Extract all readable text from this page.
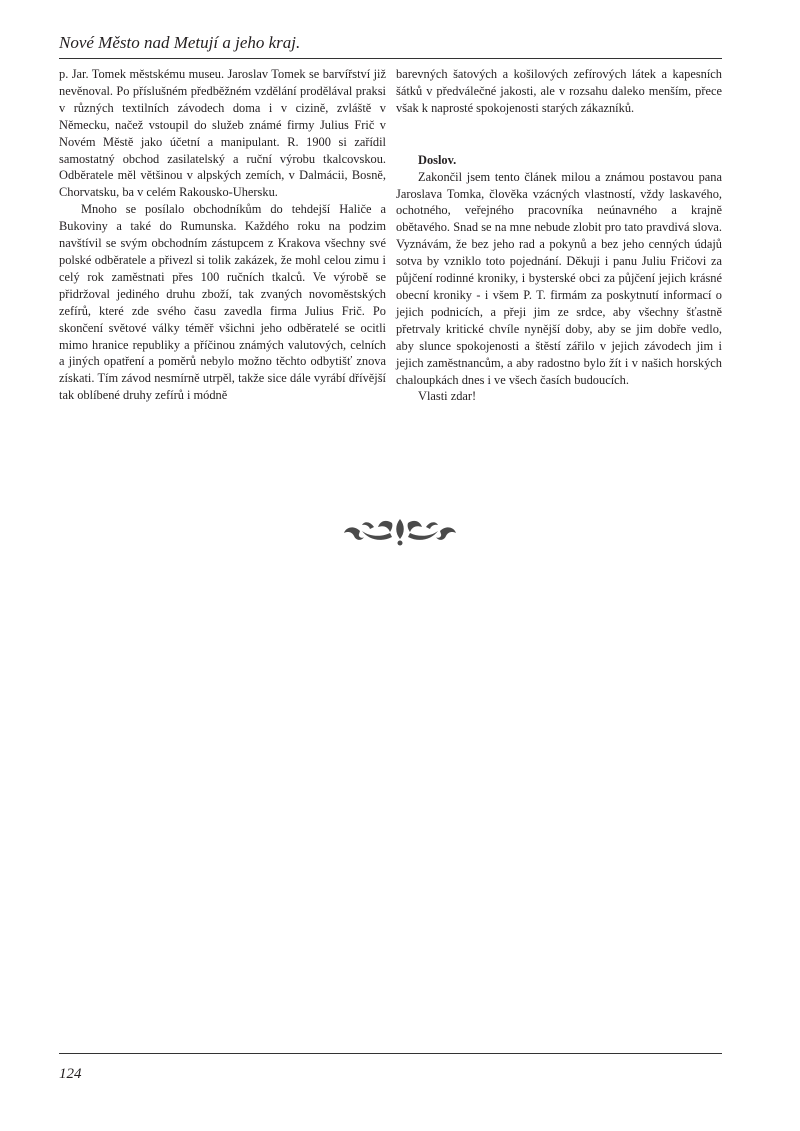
Nové Město nad Metují a jeho kraj.

p. Jar. Tomek městskému museu. Jaroslav Tomek se barvířství již nevěnoval. Po příslušném předběžném vzdělání prodělával praksi v různých textilních závodech doma i v cizině, zvláště v Německu, načež vstoupil do služeb známé firmy Julius Frič v Novém Městě jako účetní a manipulant. R. 1900 si zařídil samostatný obchod zasilatelský a ruční výrobu tkalcovskou. Odběratele měl většinou v alpských zemích, v Dalmácii, Bosně, Chorvatsku, ba v celém Rakousko-Uhersku.

Mnoho se posílalo obchodníkům do tehdejší Haliče a Bukoviny a také do Rumunska. Každého roku na podzim navštívil se svým obchodním zástupcem z Krakova všechny své polské odběratele a přivezl si tolik zakázek, že mohl celou zimu i celý rok zaměstnati přes 100 ručních tkalců. Ve výrobě se přidržoval jediného druhu zboží, tak zvaných novoměstských zefírů, které zde svého času zavedla firma Julius Frič. Po skončení světové války téměř všichni jeho odběratelé se ocitli mimo hranice republiky a příčinou známých valutových, celních a jiných opatření a poměrů nebylo možno těchto odbytišť znova získati. Tím závod nesmírně utrpěl, takže sice dále vyrábí dřívější tak oblíbené druhy zefírů i módně

barevných šatových a košilových zefírových látek a kapesních šátků v předválečné jakosti, ale v rozsahu daleko menším, přece však k naprosté spokojenosti starých zákazníků.

Doslov.

Zakončil jsem tento článek milou a známou postavou pana Jaroslava Tomka, člověka vzácných vlastností, vždy laskavého, ochotného, veřejného pracovníka neúnavného a krajně obětavého. Snad se na mne nebude zlobit pro tato pravdivá slova. Vyznávám, že bez jeho rad a pokynů a bez jeho cenných údajů sotva by vzniklo toto pojednání. Děkuji i panu Juliu Fričovi za půjčení rodinné kroniky, i bysterské obci za půjčení jejich krásné obecní kroniky - i všem P. T. firmám za poskytnutí informací o jejich podnicích, a přeji jim ze srdce, aby všechny šťastně přetrvaly kritické chvíle nynější doby, aby se jim dobře vedlo, aby slunce spokojenosti a štěstí zářilo v jejich závodech jim i jejich zaměstnancům, a aby radostno bylo žít i v našich horských chaloupkách dnes i ve všech časích budoucích.

Vlasti zdar!

124
